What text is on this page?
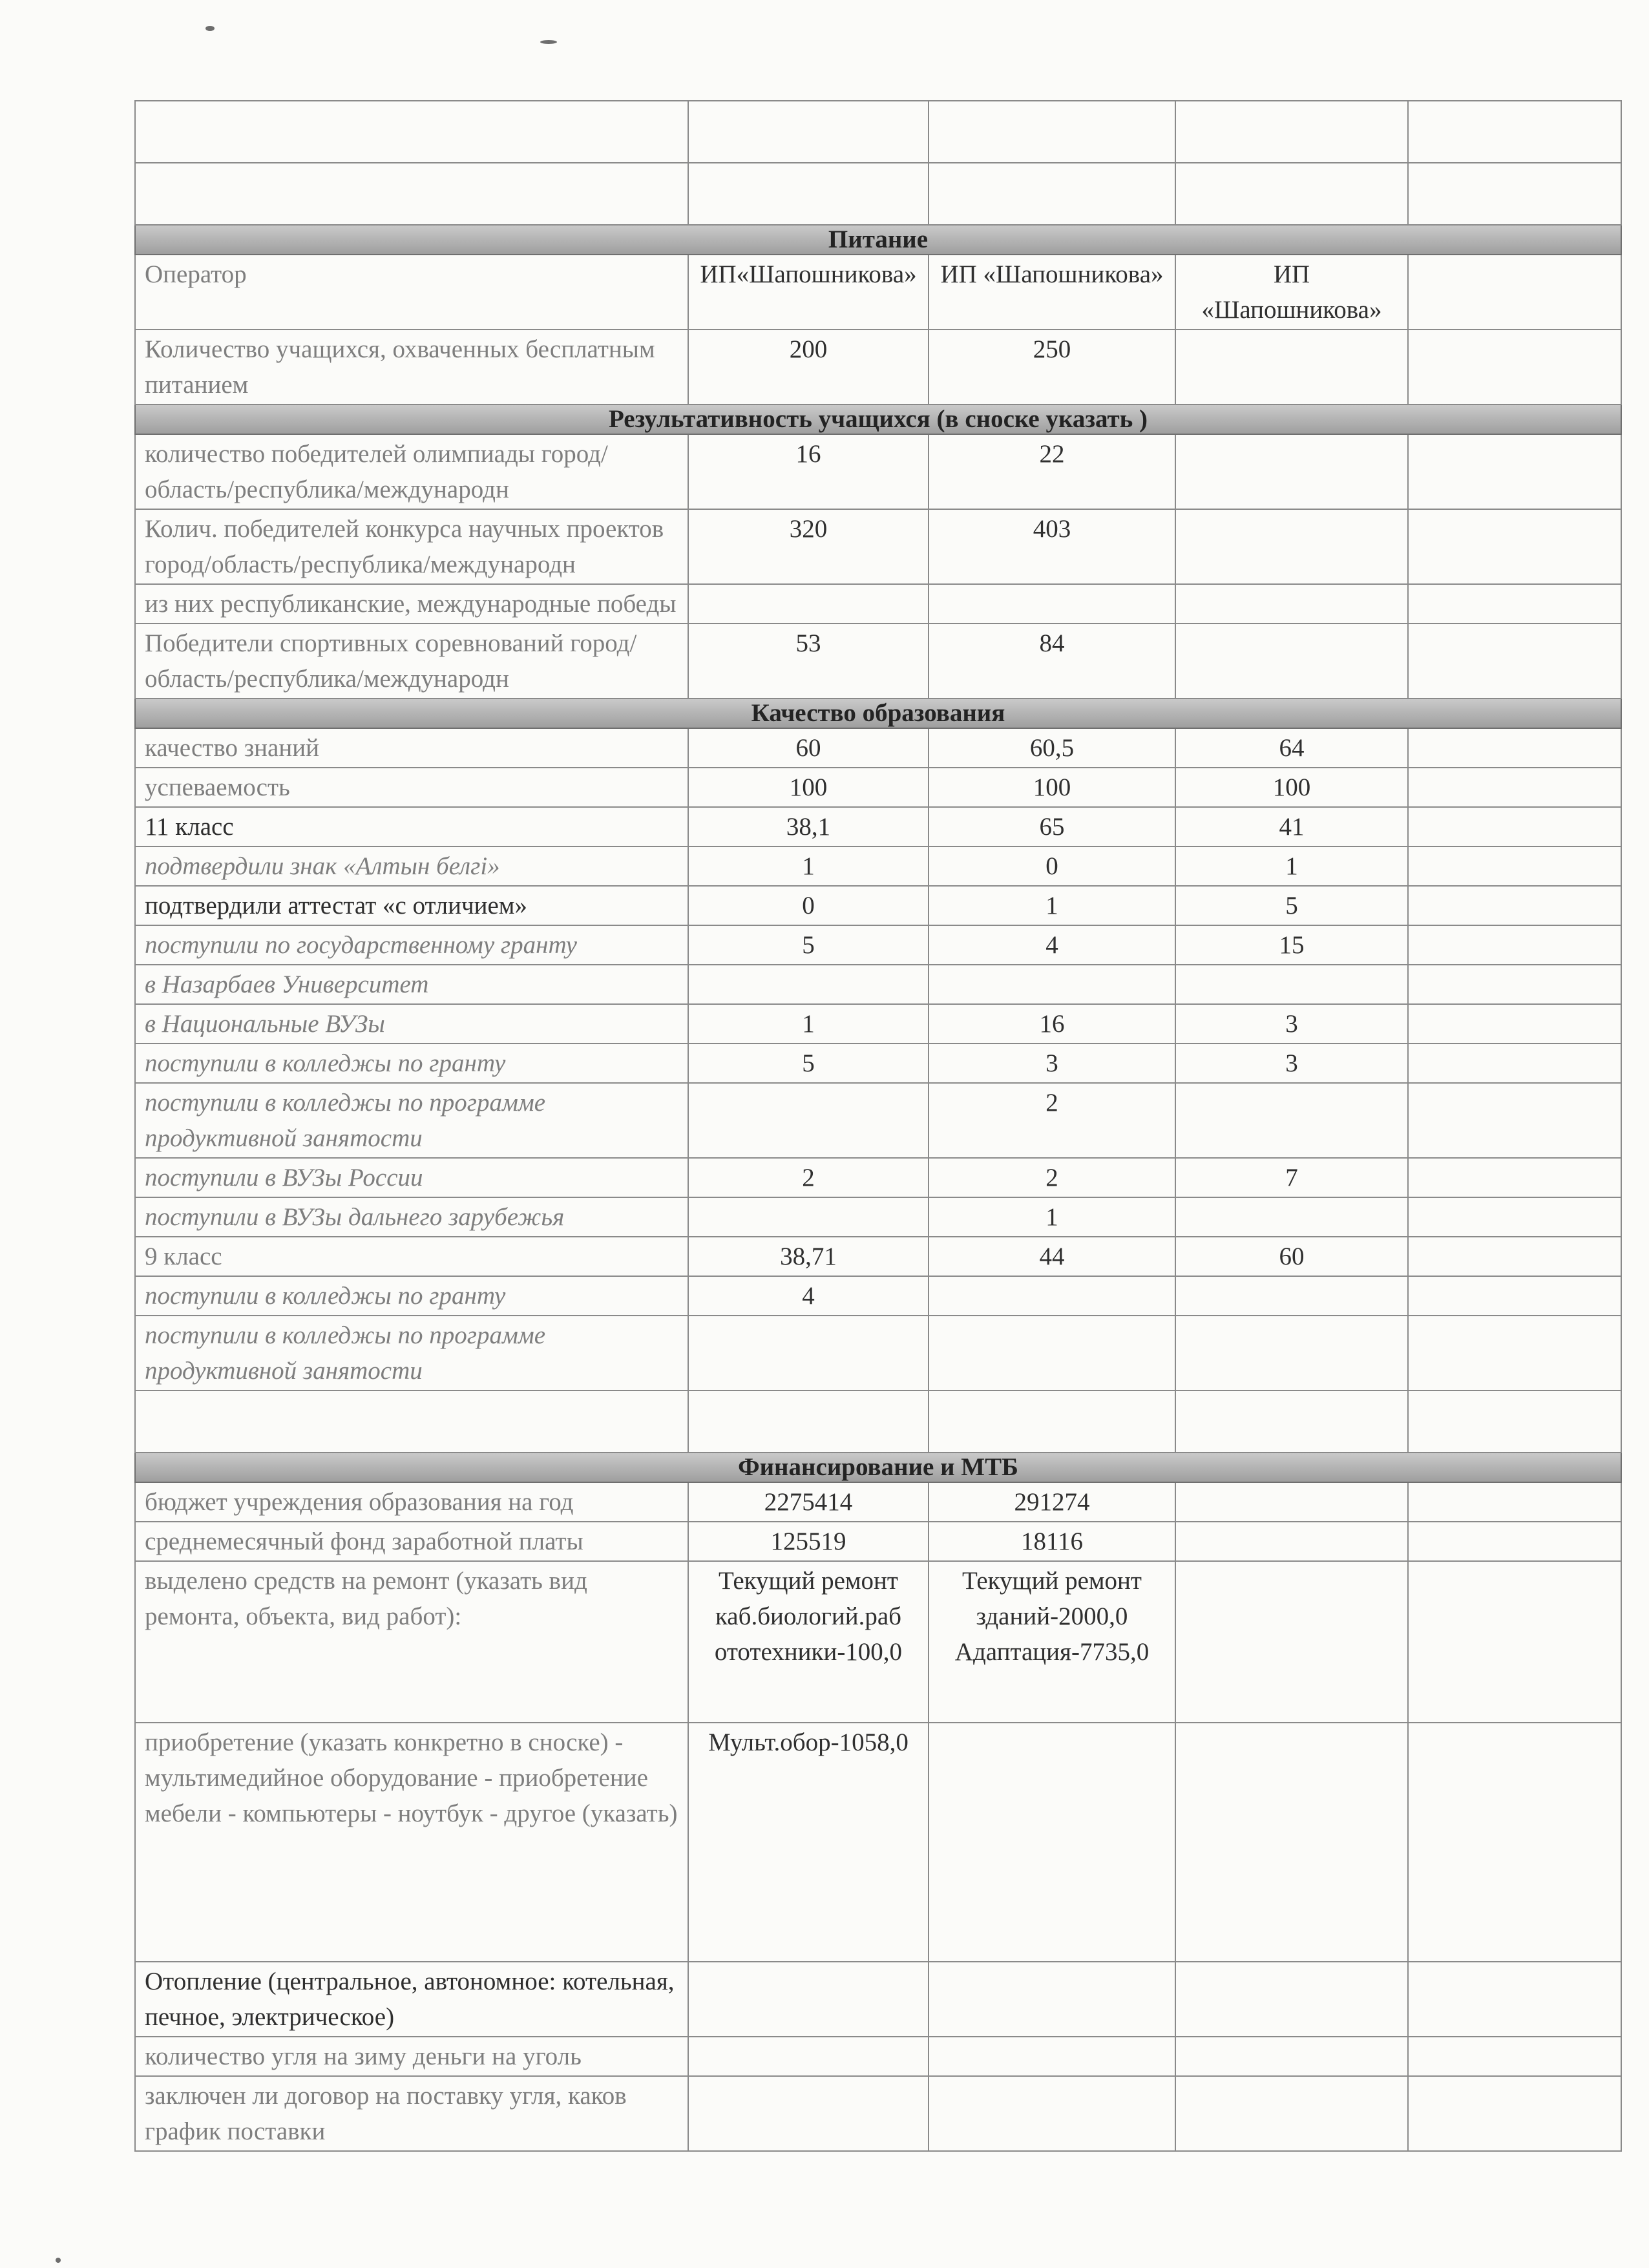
Питание				
Оператор	ИП«Шапошникова»	ИП «Шапошникова»	ИП «Шапошникова»	
Количество учащихся, охваченных бесплатным питанием	200	250		
Результативность учащихся (в сноске указать )				
количество победителей олимпиады город/область/республика/международн	16	22		
Колич. победителей конкурса научных проектов город/область/республика/международн	320	403		
из них республиканские, международные победы				
Победители спортивных соревнований город/область/республика/международн	53	84		
Качество образования				
качество знаний	60	60,5	64	
успеваемость	100	100	100	
11 класс	38,1	65	41	
подтвердили знак «Алтын белгі»	1	0	1	
подтвердили аттестат «с отличием»	0	1	5	
поступили по государственному гранту	5	4	15	
в Назарбаев Университет				
в Национальные ВУЗы	1	16	3	
поступили в колледжы по гранту	5	3	3	
поступили в колледжы по программе продуктивной занятости		2		
поступили в ВУЗы России	2	2	7	
поступили в ВУЗы дальнего зарубежья		1		
9 класс	38,71	44	60	
поступили в колледжы по гранту	4			
поступили в колледжы по программе продуктивной занятости				

Финансирование и МТБ				
бюджет учреждения образования на год	2275414	291274		
среднемесячный фонд заработной платы	125519	18116		
выделено средств на ремонт (указать вид ремонта, объекта, вид работ):	Текущий ремонт каб.биологий.раб ототехники-100,0	Текущий ремонт зданий-2000,0 Адаптация-7735,0		
приобретение (указать конкретно в сноске) - мультимедийное оборудование - приобретение мебели - компьютеры - ноутбук - другое (указать)	Мульт.обор-1058,0			
Отопление (центральное, автономное: котельная, печное, электрическое)				
количество угля на зиму деньги на уголь				
заключен ли договор на поставку угля, каков график поставки				
